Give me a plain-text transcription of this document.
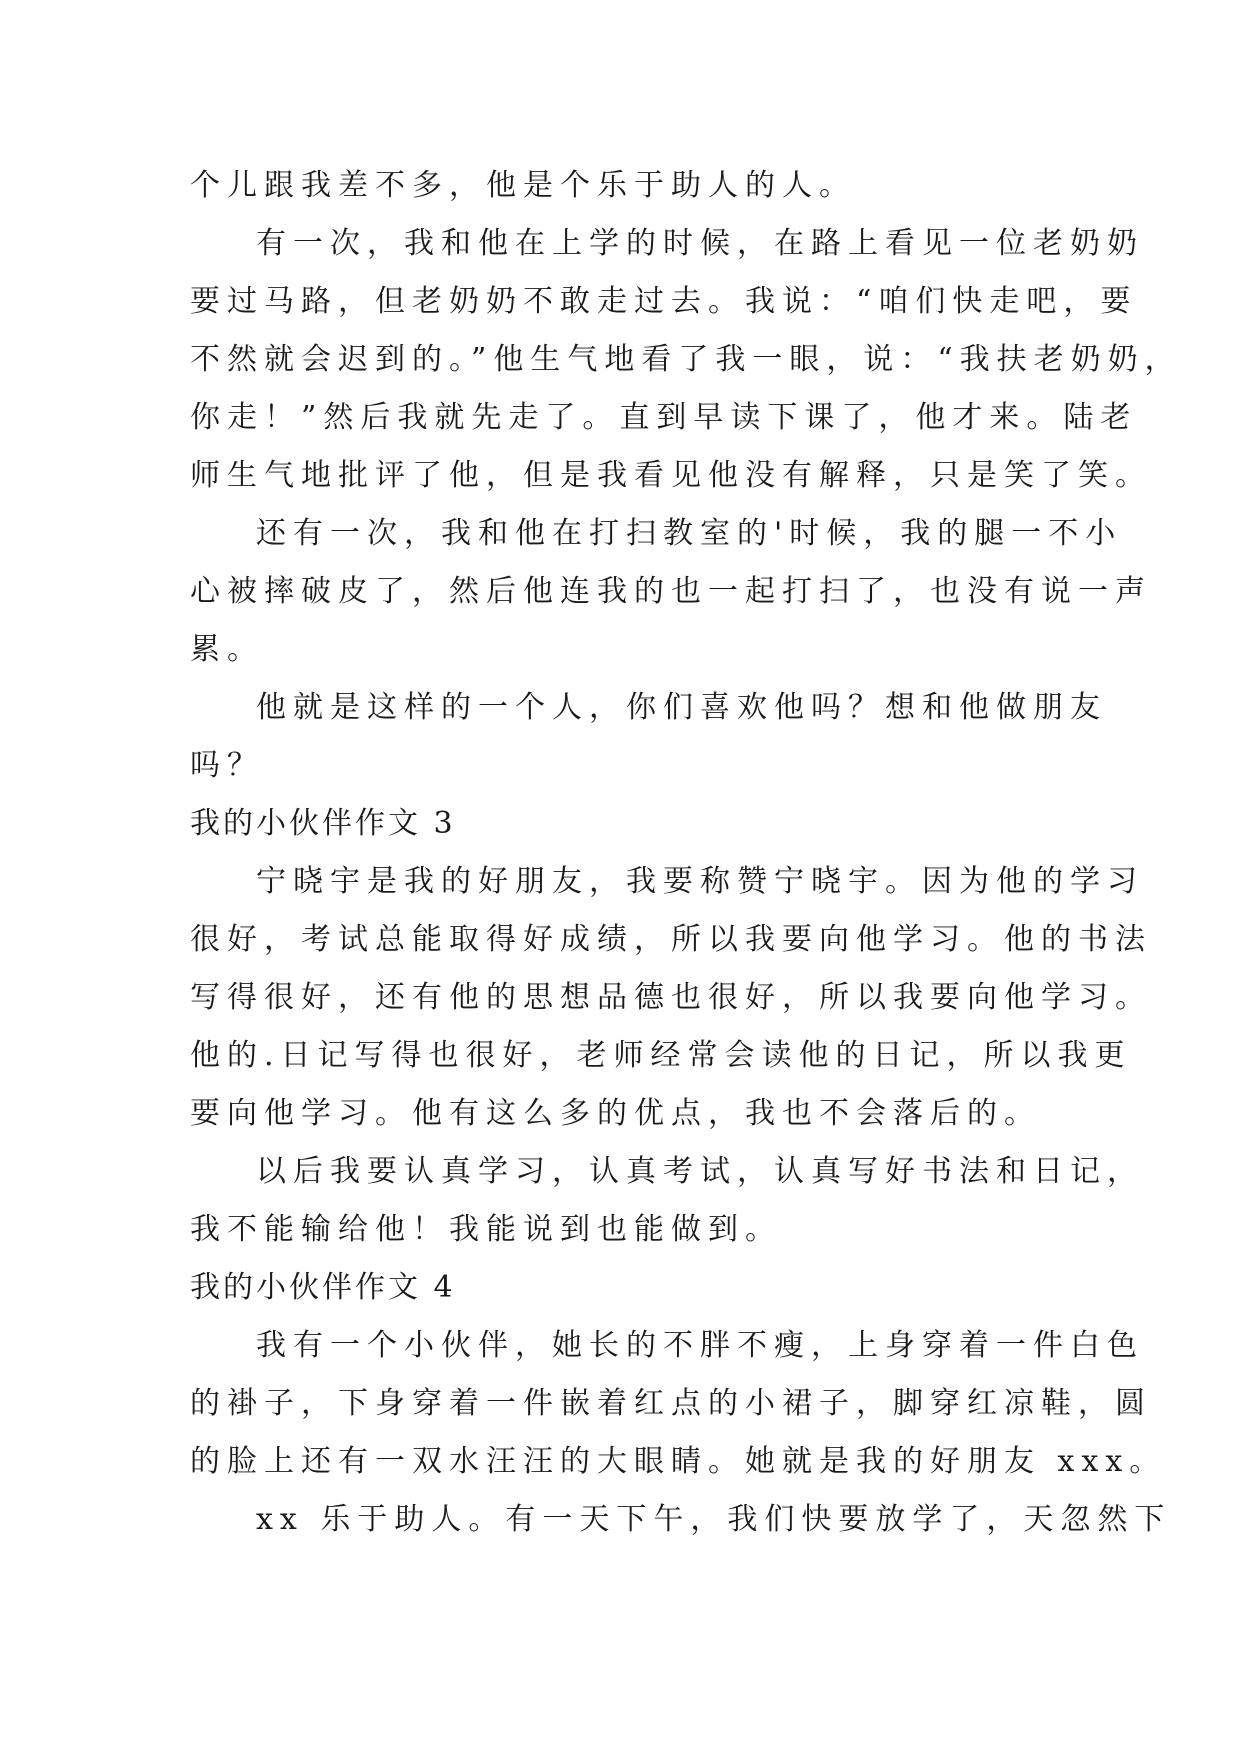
个儿跟我差不多，他是个乐于助人的人。
有一次，我和他在上学的时候，在路上看见一位老奶奶
要过马路，但老奶奶不敢走过去。我说：“咱们快走吧，要
不然就会迟到的。”他生气地看了我一眼，说：“我扶老奶奶，
你走！”然后我就先走了。直到早读下课了，他才来。陆老
师生气地批评了他，但是我看见他没有解释，只是笑了笑。
还有一次，我和他在打扫教室的'时候，我的腿一不小
心被摔破皮了，然后他连我的也一起打扫了，也没有说一声
累。
他就是这样的一个人，你们喜欢他吗？想和他做朋友
吗？
我的小伙伴作文 3
宁晓宇是我的好朋友，我要称赞宁晓宇。因为他的学习
很好，考试总能取得好成绩，所以我要向他学习。他的书法
写得很好，还有他的思想品德也很好，所以我要向他学习。
他的.日记写得也很好，老师经常会读他的日记，所以我更
要向他学习。他有这么多的优点，我也不会落后的。
以后我要认真学习，认真考试，认真写好书法和日记，
我不能输给他！我能说到也能做到。
我的小伙伴作文 4
我有一个小伙伴，她长的不胖不瘦，上身穿着一件白色
的褂子，下身穿着一件嵌着红点的小裙子，脚穿红凉鞋，圆
的脸上还有一双水汪汪的大眼睛。她就是我的好朋友 xxx。
xx 乐于助人。有一天下午，我们快要放学了，天忽然下
